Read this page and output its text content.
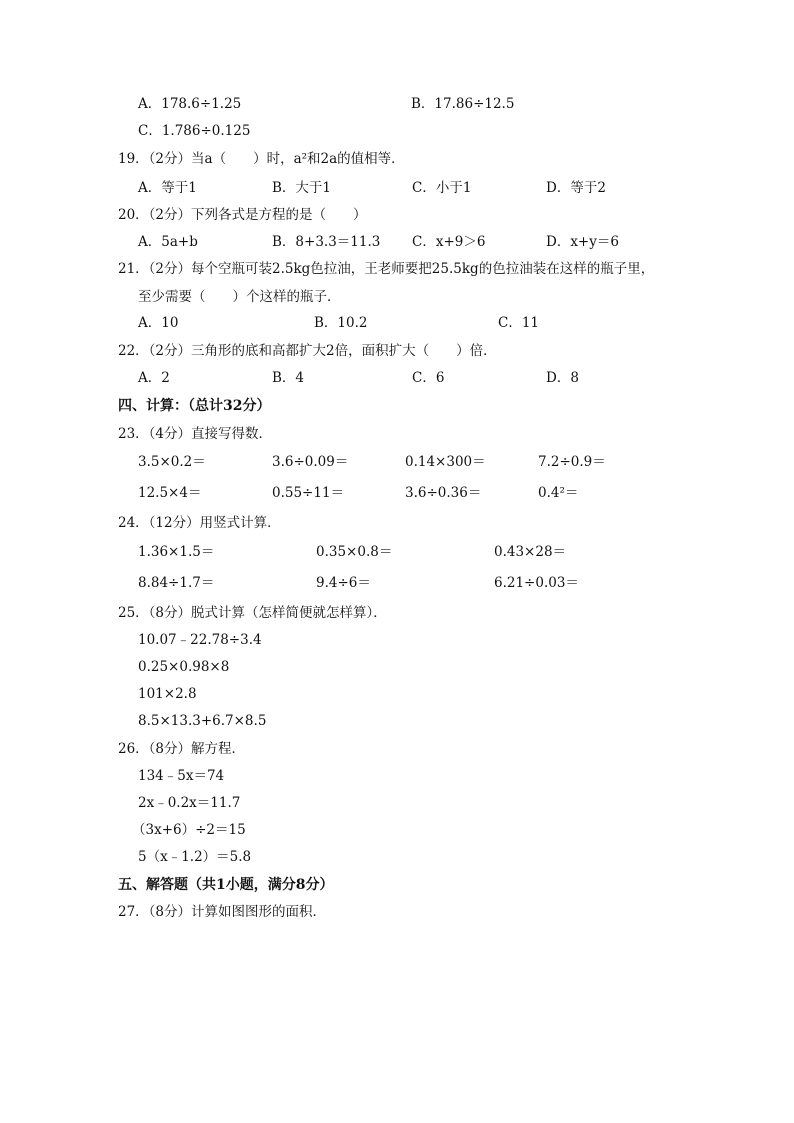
A．178.6÷1.25	B．17.86÷12.5
C．1.786÷0.125
19．（2分）当a（　　）时，a²和2a的值相等．
A．等于1	B．大于1	C．小于1	D．等于2
20．（2分）下列各式是方程的是（　　）
A．5a+b	B．8+3.3＝11.3 C．x+9＞6	D．x+y＝6
21．（2分）每个空瓶可装2.5kg色拉油，王老师要把25.5kg的色拉油装在这样的瓶子里，
至少需要（　　）个这样的瓶子．
A．10	B．10.2	C．11
22．（2分）三角形的底和高都扩大2倍，面积扩大（　　）倍．
A．2	B．4	C．6	D．8
23．（4分）直接写得数．
3.5×0.2＝	3.6÷0.09＝	0.14×300＝	7.2÷0.9＝
12.5×4＝	0.55÷11＝	3.6÷0.36＝	0.4²＝
24．（12分）用竖式计算．
1.36×1.5＝	0.35×0.8＝	0.43×28＝
8.84÷1.7＝	9.4÷6＝	6.21÷0.03＝
25．（8分）脱式计算（怎样简便就怎样算）．
10.07﹣22.78÷3.4
0.25×0.98×8
101×2.8
8.5×13.3+6.7×8.5
26．（8分）解方程．
134﹣5x＝74
2x﹣0.2x＝11.7
（3x+6）÷2＝15
5（x﹣1.2）＝5.8
27．（8分）计算如图图形的面积．
四、计算：（总计32分）
五、解答题（共1小题，满分8分）
